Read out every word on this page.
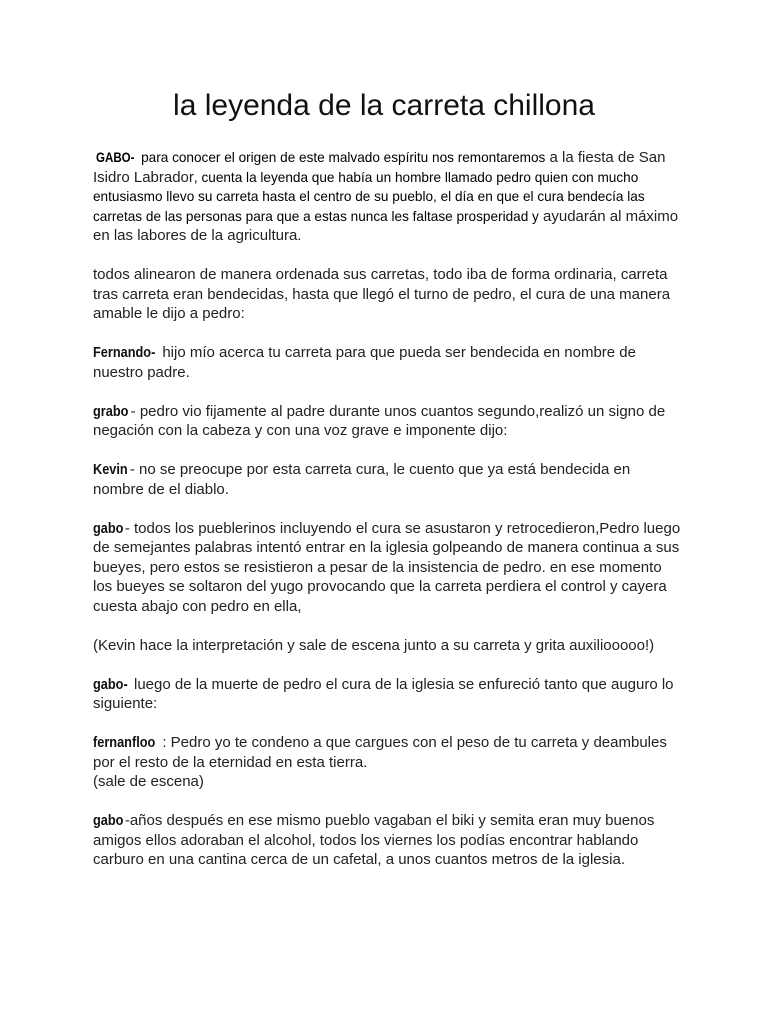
la leyenda de la carreta chillona

GABO- para conocer el origen de este malvado espíritu nos remontaremos a la fiesta de San Isidro Labrador, cuenta la leyenda que había un hombre llamado pedro quien con mucho entusiasmo llevo su carreta hasta el centro de su pueblo, el día en que el cura bendecía las carretas de las personas para que a estas nunca les faltase prosperidad y ayudarán al máximo en las labores de la agricultura.

todos alinearon de manera ordenada sus carretas, todo iba de forma ordinaria, carreta tras carreta eran bendecidas, hasta que llegó el turno de pedro, el cura de una manera amable le dijo a pedro:

Fernando- hijo mío acerca tu carreta para que pueda ser bendecida en nombre de nuestro padre.

grabo - pedro vio fijamente al padre durante unos cuantos segundo,realizó un signo de negación con la cabeza y con una voz grave e imponente dijo:

Kevin - no se preocupe por esta carreta cura, le cuento que ya está bendecida en nombre de el diablo.

gabo- todos los pueblerinos incluyendo el cura se asustaron y retrocedieron,Pedro luego de semejantes palabras intentó entrar en la iglesia golpeando de manera continua a sus bueyes, pero estos se resistieron a pesar de la insistencia de pedro. en ese momento los bueyes se soltaron del yugo provocando que la carreta perdiera el control y cayera cuesta abajo con pedro en ella,

(Kevin hace la interpretación y sale de escena junto a su carreta y grita auxiliooooo!)

gabo- luego de la muerte de pedro el cura de la iglesia se enfureció tanto que auguro lo siguiente:

fernanfloo : Pedro yo te condeno a que cargues con el peso de tu carreta y deambules por el resto de la eternidad en esta tierra.
(sale de escena)

gabo-años después en ese mismo pueblo vagaban el biki y semita eran muy buenos amigos ellos adoraban el alcohol, todos los viernes los podías encontrar hablando carburo en una cantina cerca de un cafetal, a unos cuantos metros de la iglesia.
